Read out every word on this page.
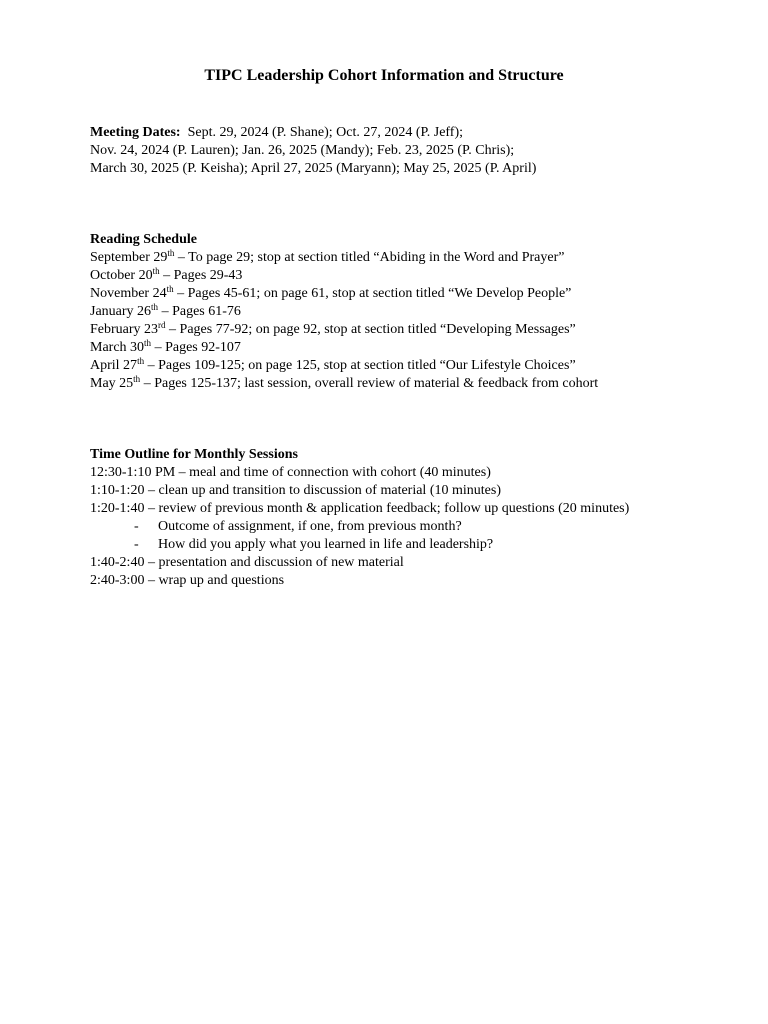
TIPC Leadership Cohort Information and Structure
Meeting Dates: Sept. 29, 2024 (P. Shane); Oct. 27, 2024 (P. Jeff);
Nov. 24, 2024 (P. Lauren); Jan. 26, 2025 (Mandy); Feb. 23, 2025 (P. Chris);
March 30, 2025 (P. Keisha); April 27, 2025 (Maryann); May 25, 2025 (P. April)
Reading Schedule
September 29th – To page 29; stop at section titled “Abiding in the Word and Prayer”
October 20th – Pages 29-43
November 24th – Pages 45-61; on page 61, stop at section titled “We Develop People”
January 26th – Pages 61-76
February 23rd – Pages 77-92; on page 92, stop at section titled “Developing Messages”
March 30th – Pages 92-107
April 27th – Pages 109-125; on page 125, stop at section titled “Our Lifestyle Choices”
May 25th – Pages 125-137; last session, overall review of material & feedback from cohort
Time Outline for Monthly Sessions
12:30-1:10 PM – meal and time of connection with cohort (40 minutes)
1:10-1:20 – clean up and transition to discussion of material (10 minutes)
1:20-1:40 – review of previous month & application feedback; follow up questions (20 minutes)
- Outcome of assignment, if one, from previous month?
- How did you apply what you learned in life and leadership?
1:40-2:40 – presentation and discussion of new material
2:40-3:00 – wrap up and questions
